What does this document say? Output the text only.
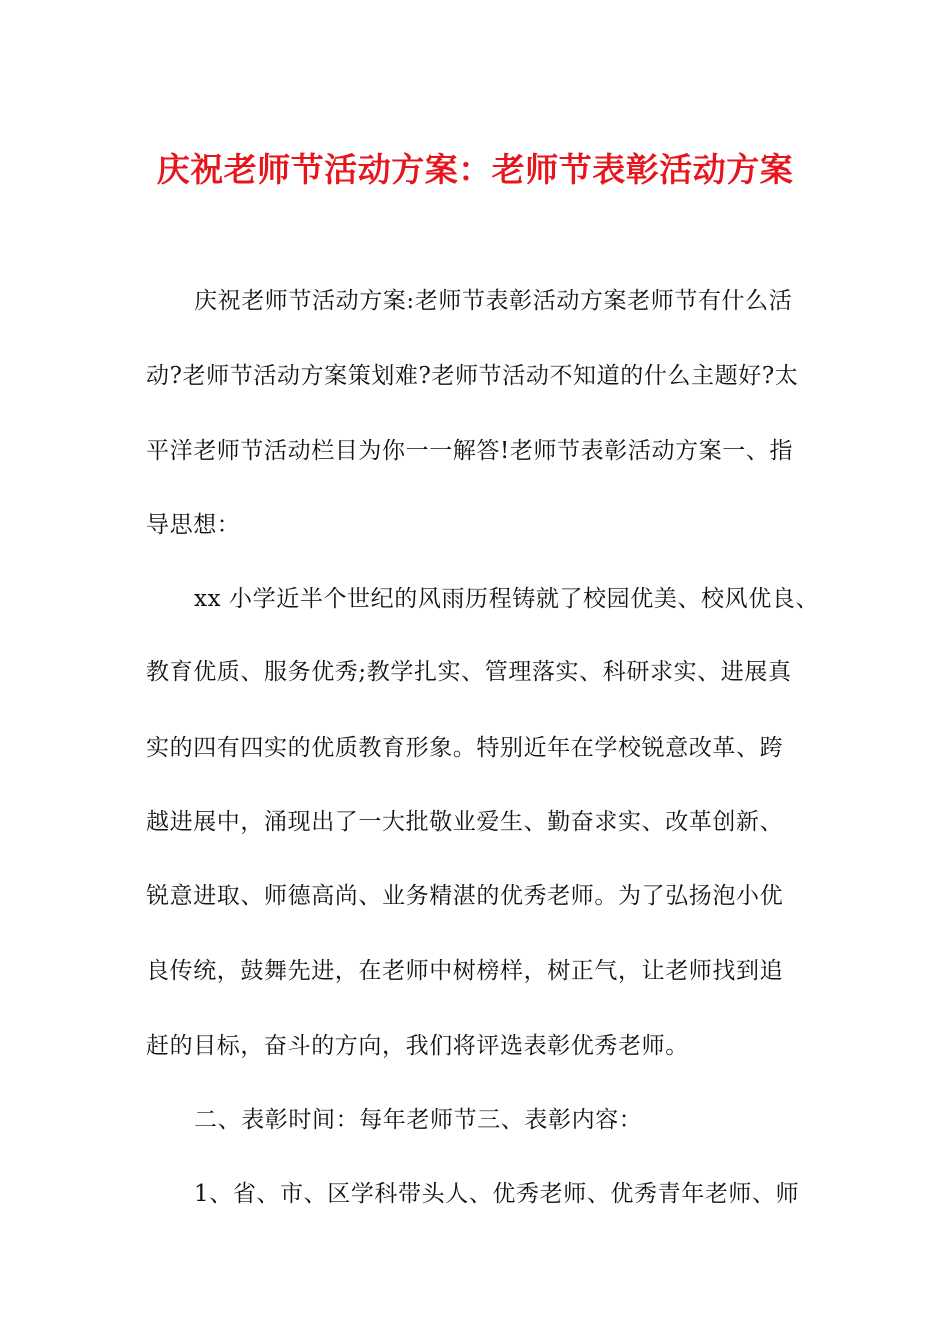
庆祝老师节活动方案：老师节表彰活动方案
庆祝老师节活动方案:老师节表彰活动方案老师节有什么活
动?老师节活动方案策划难?老师节活动不知道的什么主题好?太
平洋老师节活动栏目为你一一解答!老师节表彰活动方案一、指
导思想：
xx 小学近半个世纪的风雨历程铸就了校园优美、校风优良、
教育优质、服务优秀;教学扎实、管理落实、科研求实、进展真
实的四有四实的优质教育形象。特别近年在学校锐意改革、跨
越进展中，涌现出了一大批敬业爱生、勤奋求实、改革创新、
锐意进取、师德高尚、业务精湛的优秀老师。为了弘扬泡小优
良传统，鼓舞先进，在老师中树榜样，树正气，让老师找到追
赶的目标，奋斗的方向，我们将评选表彰优秀老师。
二、表彰时间：每年老师节三、表彰内容：
1、省、市、区学科带头人、优秀老师、优秀青年老师、师
